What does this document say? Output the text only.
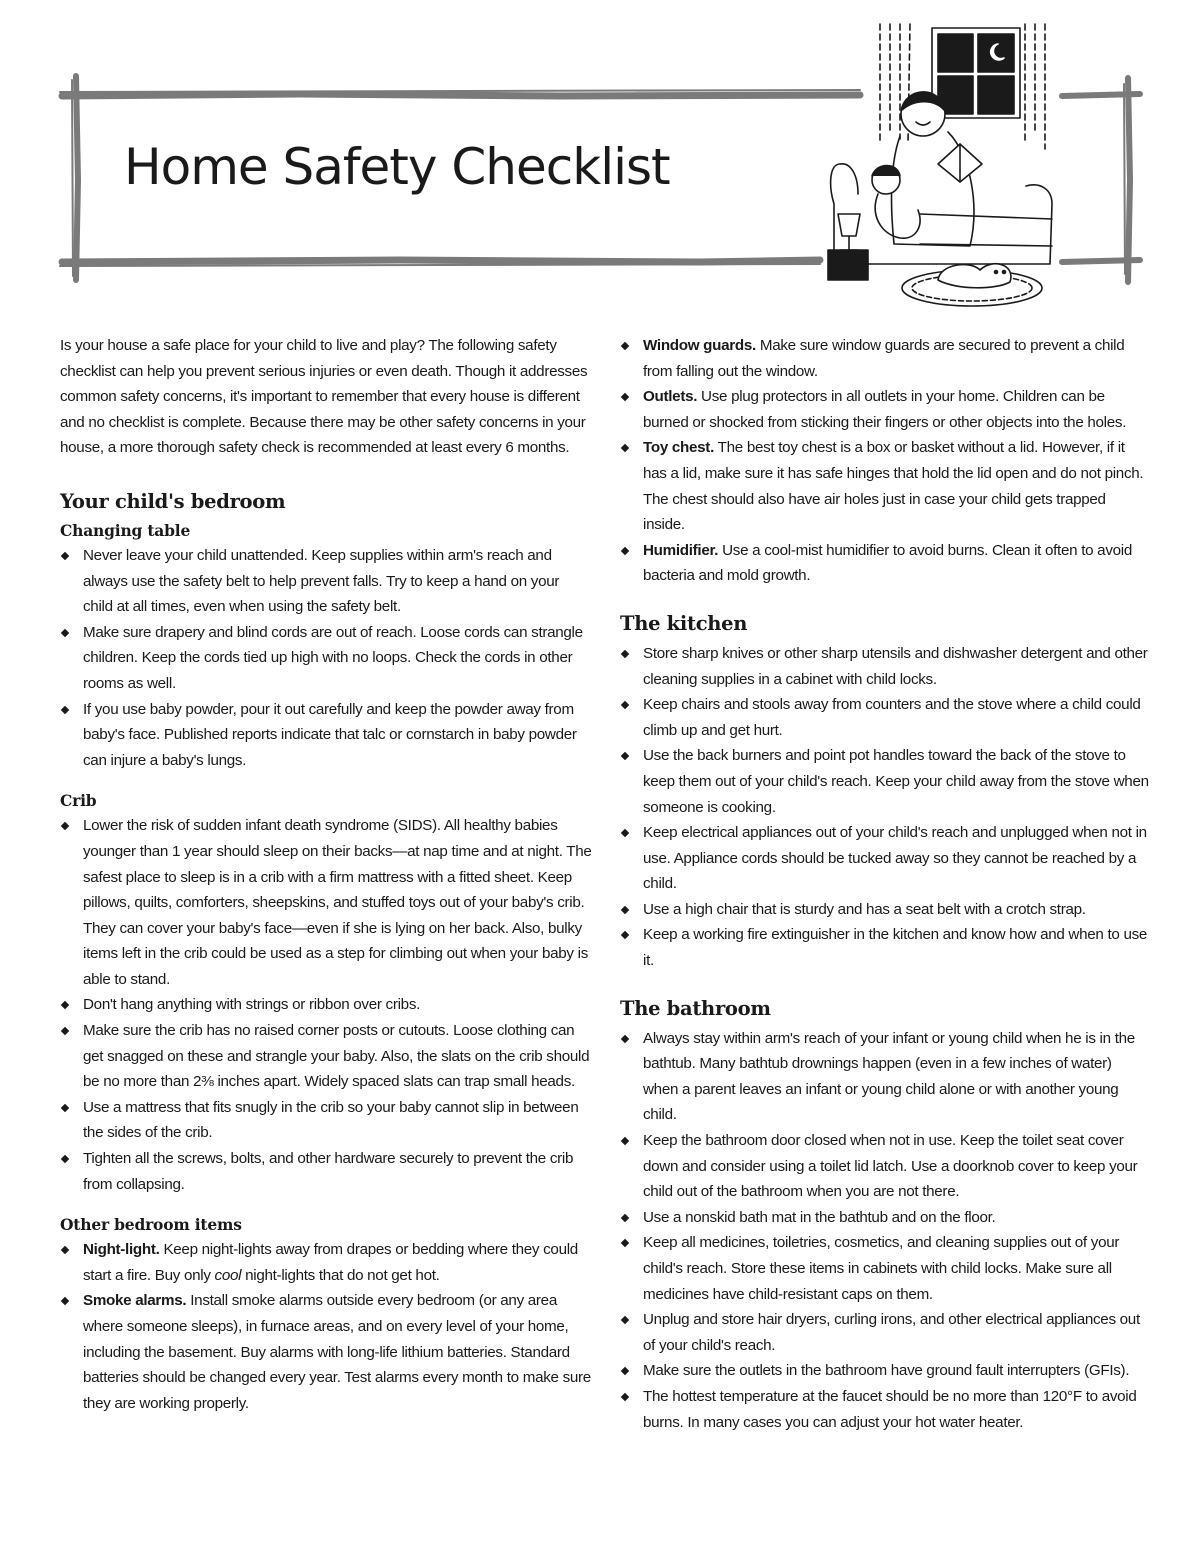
Home Safety Checklist

Is your house a safe place for your child to live and play? The following safety checklist can help you prevent serious injuries or even death. Though it addresses common safety concerns, it's important to remember that every house is different and no checklist is complete. Because there may be other safety concerns in your house, a more thorough safety check is recommended at least every 6 months.

Your child's bedroom
Changing table
Never leave your child unattended. Keep supplies within arm's reach and always use the safety belt to help prevent falls. Try to keep a hand on your child at all times, even when using the safety belt.
Make sure drapery and blind cords are out of reach. Loose cords can strangle children. Keep the cords tied up high with no loops. Check the cords in other rooms as well.
If you use baby powder, pour it out carefully and keep the powder away from baby's face. Published reports indicate that talc or cornstarch in baby powder can injure a baby's lungs.
Crib
Lower the risk of sudden infant death syndrome (SIDS). All healthy babies younger than 1 year should sleep on their backs—at nap time and at night. The safest place to sleep is in a crib with a firm mattress with a fitted sheet. Keep pillows, quilts, comforters, sheepskins, and stuffed toys out of your baby's crib. They can cover your baby's face—even if she is lying on her back. Also, bulky items left in the crib could be used as a step for climbing out when your baby is able to stand.
Don't hang anything with strings or ribbon over cribs.
Make sure the crib has no raised corner posts or cutouts. Loose clothing can get snagged on these and strangle your baby. Also, the slats on the crib should be no more than 2⅜ inches apart. Widely spaced slats can trap small heads.
Use a mattress that fits snugly in the crib so your baby cannot slip in between the sides of the crib.
Tighten all the screws, bolts, and other hardware securely to prevent the crib from collapsing.
Other bedroom items
Night-light. Keep night-lights away from drapes or bedding where they could start a fire. Buy only cool night-lights that do not get hot.
Smoke alarms. Install smoke alarms outside every bedroom (or any area where someone sleeps), in furnace areas, and on every level of your home, including the basement. Buy alarms with long-life lithium batteries. Standard batteries should be changed every year. Test alarms every month to make sure they are working properly.
Window guards. Make sure window guards are secured to prevent a child from falling out the window.
Outlets. Use plug protectors in all outlets in your home. Children can be burned or shocked from sticking their fingers or other objects into the holes.
Toy chest. The best toy chest is a box or basket without a lid. However, if it has a lid, make sure it has safe hinges that hold the lid open and do not pinch. The chest should also have air holes just in case your child gets trapped inside.
Humidifier. Use a cool-mist humidifier to avoid burns. Clean it often to avoid bacteria and mold growth.
The kitchen
Store sharp knives or other sharp utensils and dishwasher detergent and other cleaning supplies in a cabinet with child locks.
Keep chairs and stools away from counters and the stove where a child could climb up and get hurt.
Use the back burners and point pot handles toward the back of the stove to keep them out of your child's reach. Keep your child away from the stove when someone is cooking.
Keep electrical appliances out of your child's reach and unplugged when not in use. Appliance cords should be tucked away so they cannot be reached by a child.
Use a high chair that is sturdy and has a seat belt with a crotch strap.
Keep a working fire extinguisher in the kitchen and know how and when to use it.
The bathroom
Always stay within arm's reach of your infant or young child when he is in the bathtub. Many bathtub drownings happen (even in a few inches of water) when a parent leaves an infant or young child alone or with another young child.
Keep the bathroom door closed when not in use. Keep the toilet seat cover down and consider using a toilet lid latch. Use a doorknob cover to keep your child out of the bathroom when you are not there.
Use a nonskid bath mat in the bathtub and on the floor.
Keep all medicines, toiletries, cosmetics, and cleaning supplies out of your child's reach. Store these items in cabinets with child locks. Make sure all medicines have child-resistant caps on them.
Unplug and store hair dryers, curling irons, and other electrical appliances out of your child's reach.
Make sure the outlets in the bathroom have ground fault interrupters (GFIs).
The hottest temperature at the faucet should be no more than 120°F to avoid burns. In many cases you can adjust your hot water heater.
